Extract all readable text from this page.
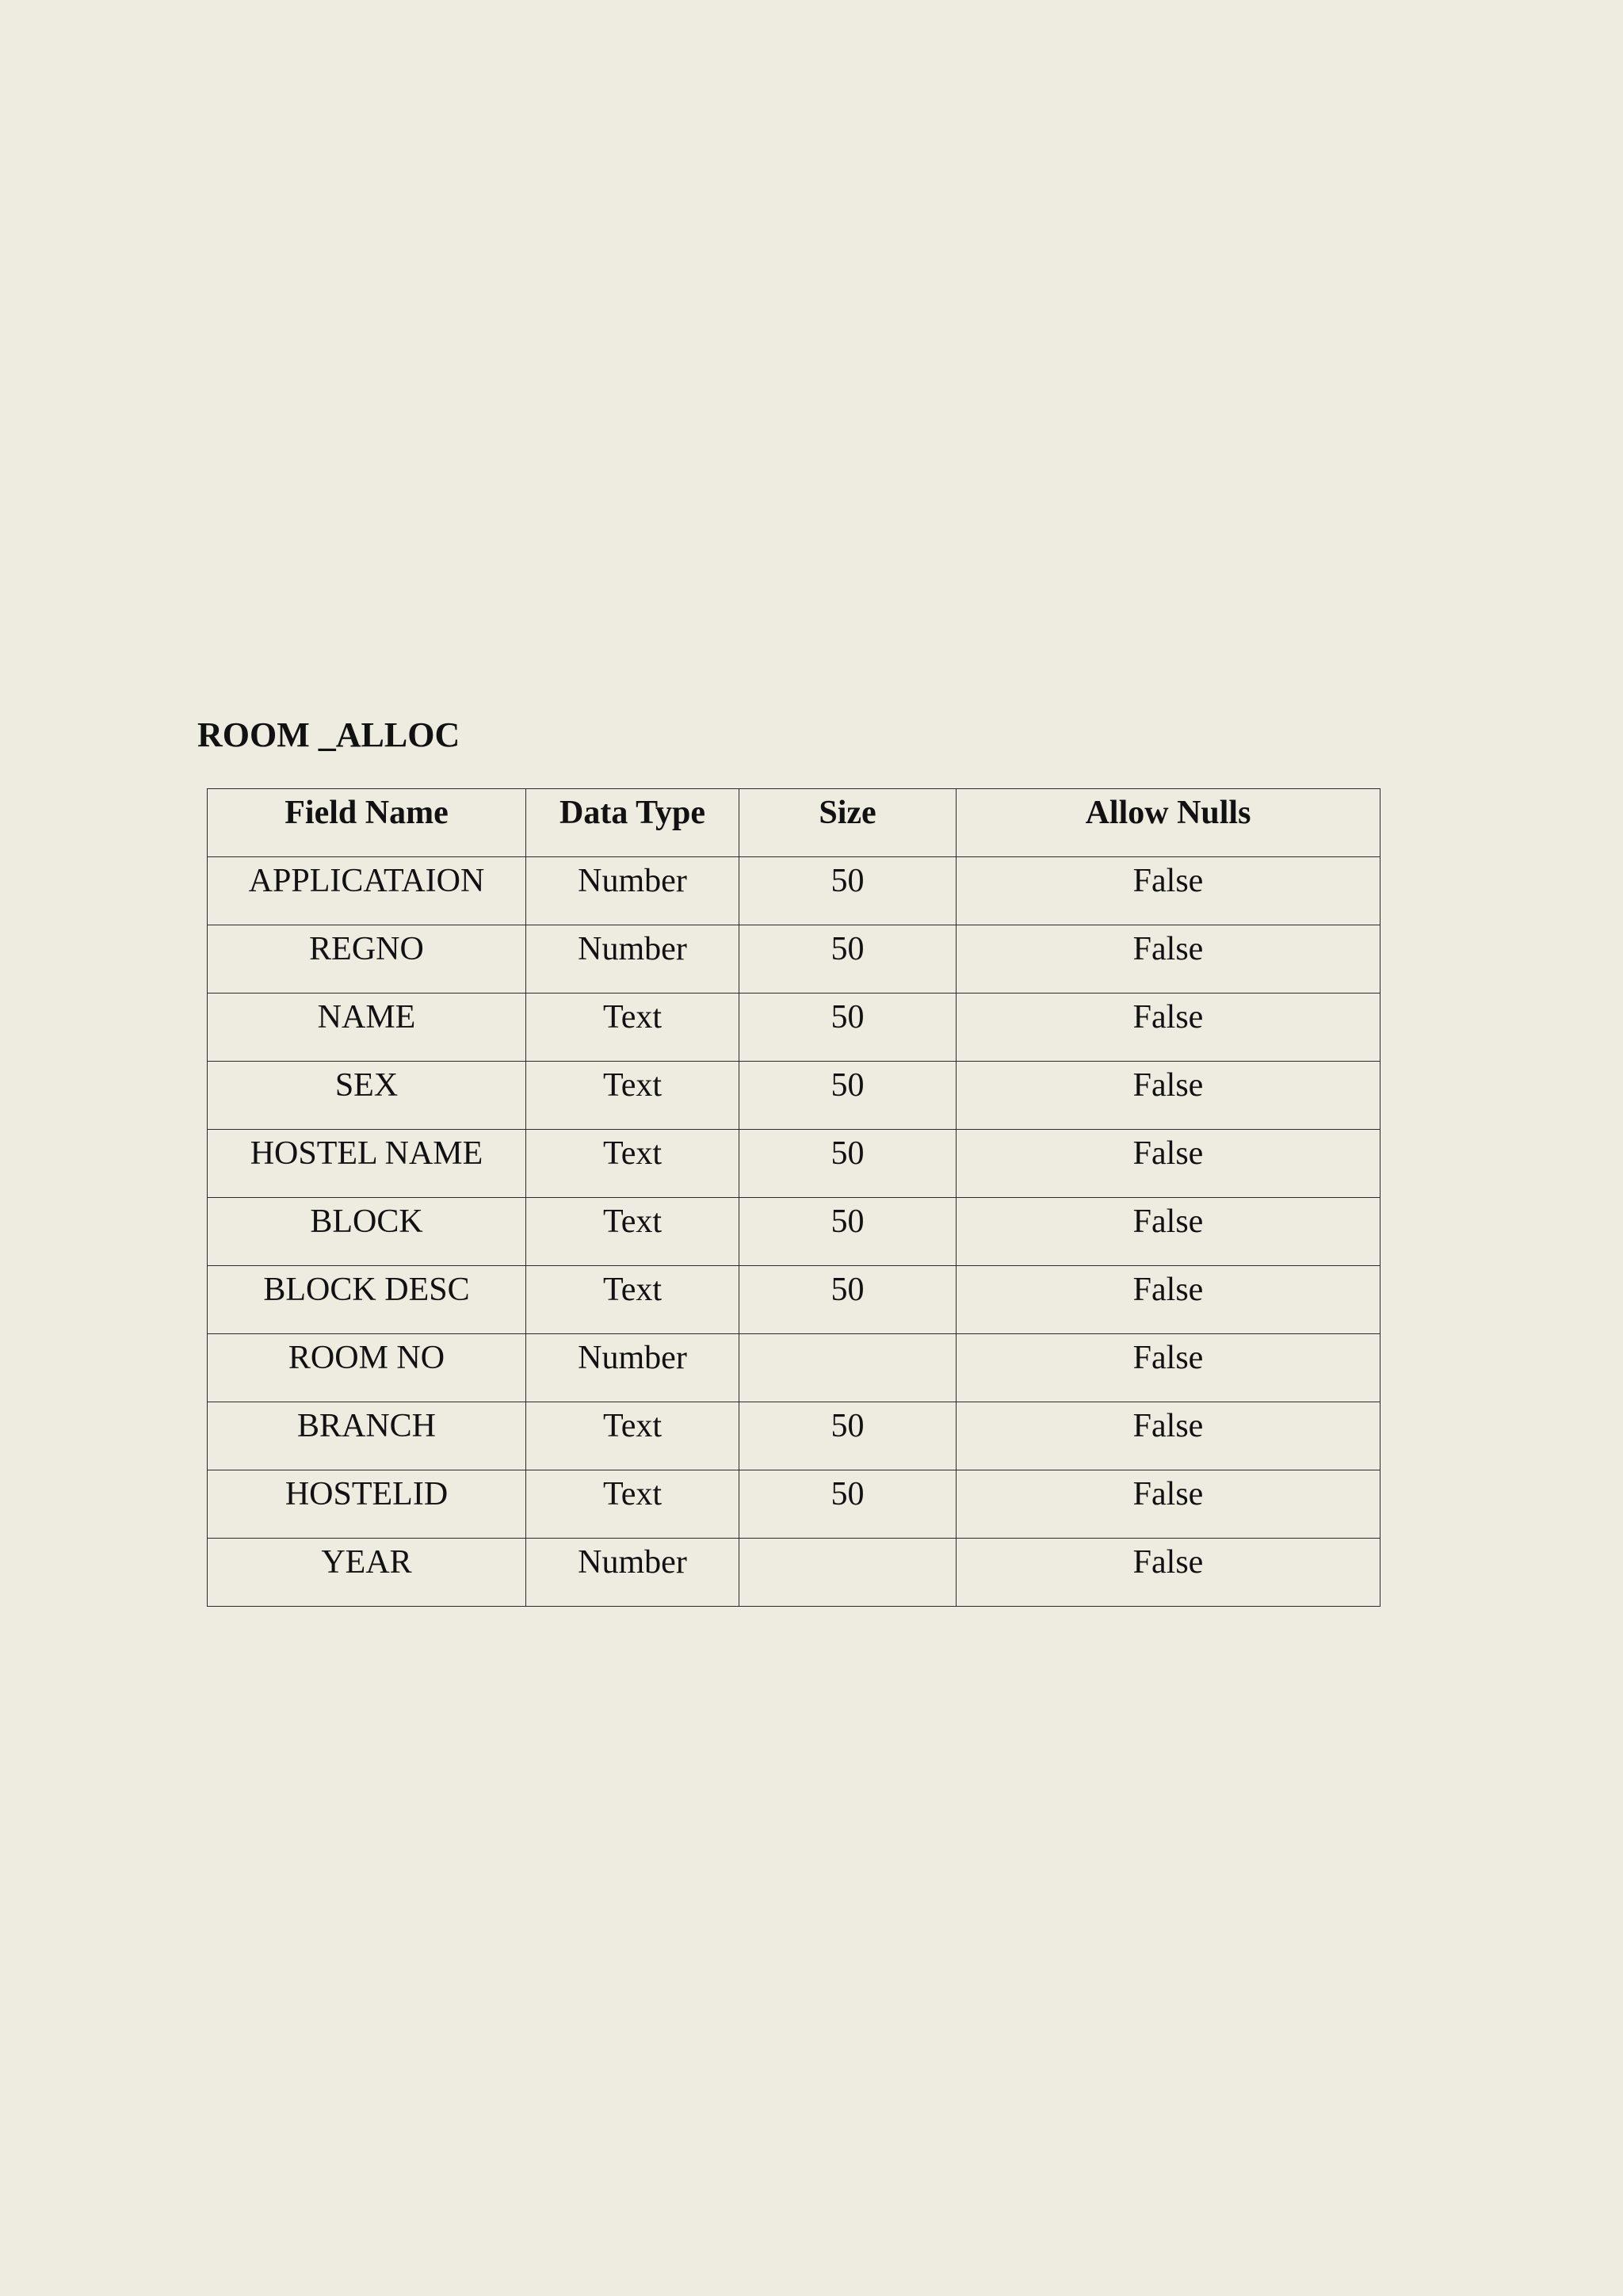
ROOM _ALLOC
Field Name	Data Type	Size	Allow Nulls
APPLICATAION	Number	50	False
REGNO	Number	50	False
NAME	Text	50	False
SEX	Text	50	False
HOSTEL NAME	Text	50	False
BLOCK	Text	50	False
BLOCK DESC	Text	50	False
ROOM NO	Number		False
BRANCH	Text	50	False
HOSTELID	Text	50	False
YEAR	Number		False
